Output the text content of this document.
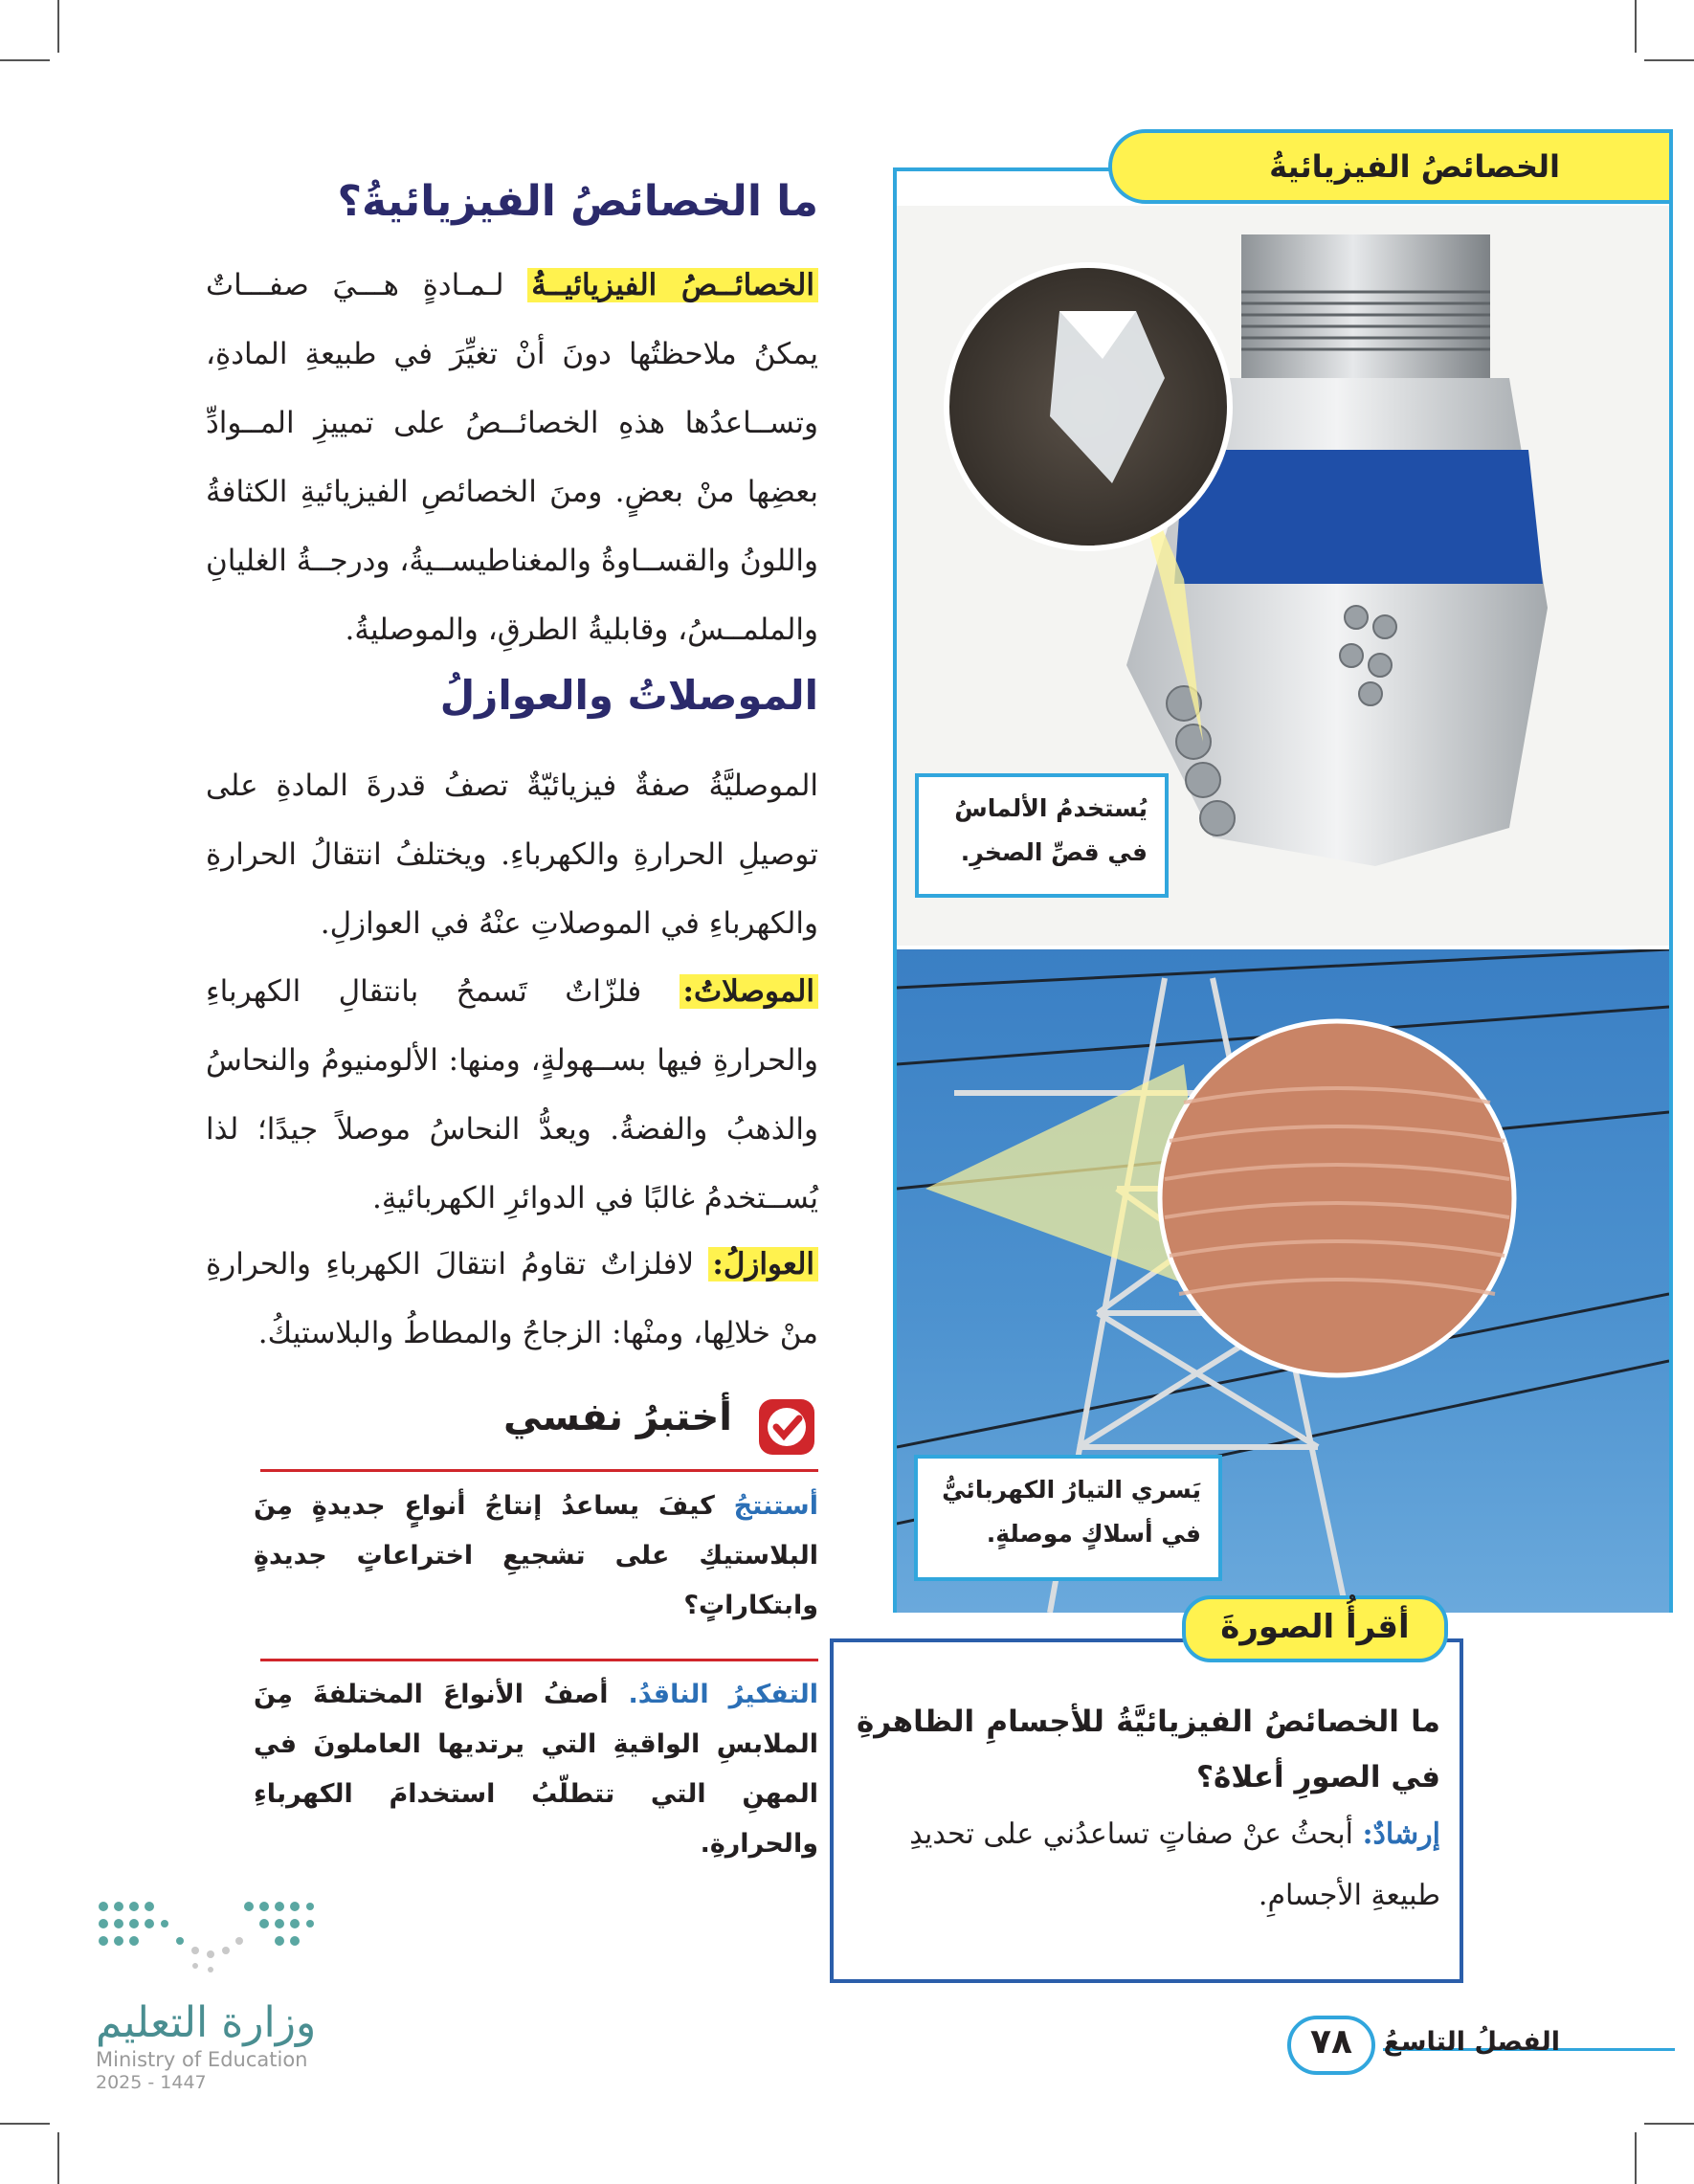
ما الخصائصُ الفيزيائيةُ؟
الخصائــصُ الفيزيائيــةُ لـمـادةٍ هـــيَ صفـــاتٌ يمكنُ ملاحظتُها دونَ أنْ تغيِّرَ في طبيعةِ المادةِ، وتســاعدُها هذهِ الخصائــصُ على تمييزِ المــوادِّ بعضِها منْ بعضٍ. ومنَ الخصائصِ الفيزيائيةِ الكثافةُ واللونُ والقســاوةُ والمغناطيســيةُ، ودرجــةُ الغليانِ والملمــسُ، وقابليةُ الطرقِ، والموصليةُ.
الموصلاتُ والعوازلُ
الموصليَّةُ صفةٌ فيزيائيّةٌ تصفُ قدرةَ المادةِ على توصيلِ الحرارةِ والكهرباءِ. ويختلفُ انتقالُ الحرارةِ والكهرباءِ في الموصلاتِ عنْهُ في العوازلِ.
الموصلاتُ: فلزّاتٌ تَسمحُ بانتقالِ الكهرباءِ والحرارةِ فيها بســهولةٍ، ومنها: الألومنيومُ والنحاسُ والذهبُ والفضةُ. ويعدُّ النحاسُ موصلاً جيدًا؛ لذا يُســتخدمُ غالبًا في الدوائرِ الكهربائيةِ.
العوازلُ: لافلزاتٌ تقاومُ انتقالَ الكهرباءِ والحرارةِ منْ خلالِها، ومنْها: الزجاجُ والمطاطُ والبلاستيكُ.
أختبرُ نفسي
أستنتجُ كيفَ يساعدُ إنتاجُ أنواعٍ جديدةٍ مِنَ البلاستيكِ على تشجيعِ اختراعاتٍ جديدةٍ وابتكاراتٍ؟
التفكيرُ الناقدُ. أصفُ الأنواعَ المختلفةَ مِنَ الملابسِ الواقيةِ التي يرتديها العاملونَ في المهنِ التي تتطلّبُ استخدامَ الكهرباءِ والحرارةِ.
وزارة التعليم
Ministry of Education
2025 - 1447
الخصائصُ الفيزيائيةُ
يُستخدمُ الألماسُ في قصِّ الصخرِ.
يَسري التيارُ الكهربائيُّ في أسلاكٍ موصلةٍ.
أقرأُ الصورةَ
ما الخصائصُ الفيزيائيَّةُ للأجسامِ الظاهرةِ في الصورِ أعلاهُ؟
إرشادٌ: أبحثُ عنْ صفاتٍ تساعدُني على تحديدِ طبيعةِ الأجسامِ.
٧٨	الفصلُ التاسعُ
